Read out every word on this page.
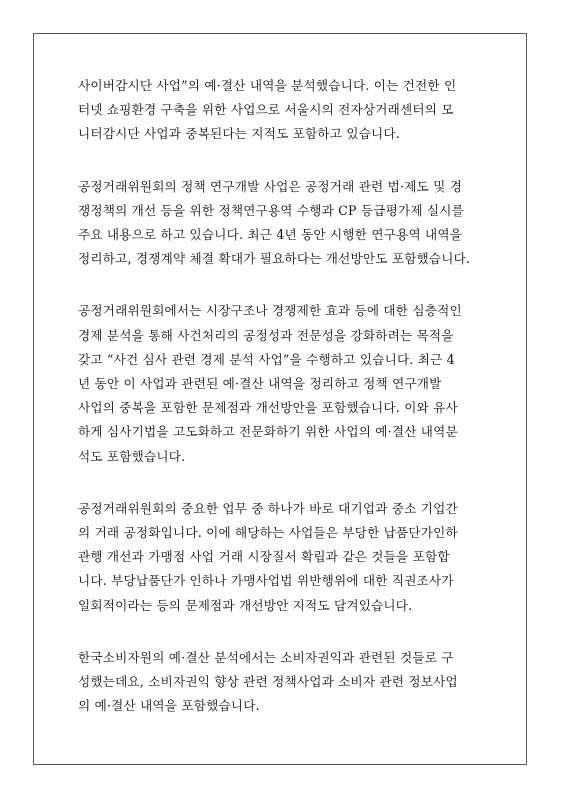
사이버감시단 사업”의 예·결산 내역을 분석했습니다. 이는 건전한 인
터넷 쇼핑환경 구축을 위한 사업으로 서울시의 전자상거래센터의 모
니터감시단 사업과 중복된다는 지적도 포함하고 있습니다.
공정거래위원회의 정책 연구개발 사업은 공정거래 관련 법·제도 및 경
쟁정책의 개선 등을 위한 정책연구용역 수행과 CP 등급평가제 실시를
주요 내용으로 하고 있습니다. 최근 4년 동안 시행한 연구용역 내역을
정리하고, 경쟁계약 체결 확대가 필요하다는 개선방안도 포함했습니다.
공정거래위원회에서는 시장구조나 경쟁제한 효과 등에 대한 심층적인
경제 분석을 통해 사건처리의 공정성과 전문성을 강화하려는 목적을
갖고 “사건 심사 관련 경제 분석 사업”을 수행하고 있습니다. 최근 4
년 동안 이 사업과 관련된 예·결산 내역을 정리하고 정책 연구개발
사업의 중복을 포함한 문제점과 개선방안을 포함했습니다. 이와 유사
하게 심사기법을 고도화하고 전문화하기 위한 사업의 예·결산 내역분
석도 포함했습니다.
공정거래위원회의 중요한 업무 중 하나가 바로 대기업과 중소 기업간
의 거래 공정화입니다. 이에 해당하는 사업들은 부당한 납품단가인하
관행 개선과 가맹점 사업 거래 시장질서 확립과 같은 것들을 포함합
니다. 부당납품단가 인하나 가맹사업법 위반행위에 대한 직권조사가
일회적이라는 등의 문제점과 개선방안 지적도 담겨있습니다.
한국소비자원의 예·결산 분석에서는 소비자권익과 관련된 것들로 구
성했는데요, 소비자권익 향상 관련 정책사업과 소비자 관련 정보사업
의 예·결산 내역을 포함했습니다.
